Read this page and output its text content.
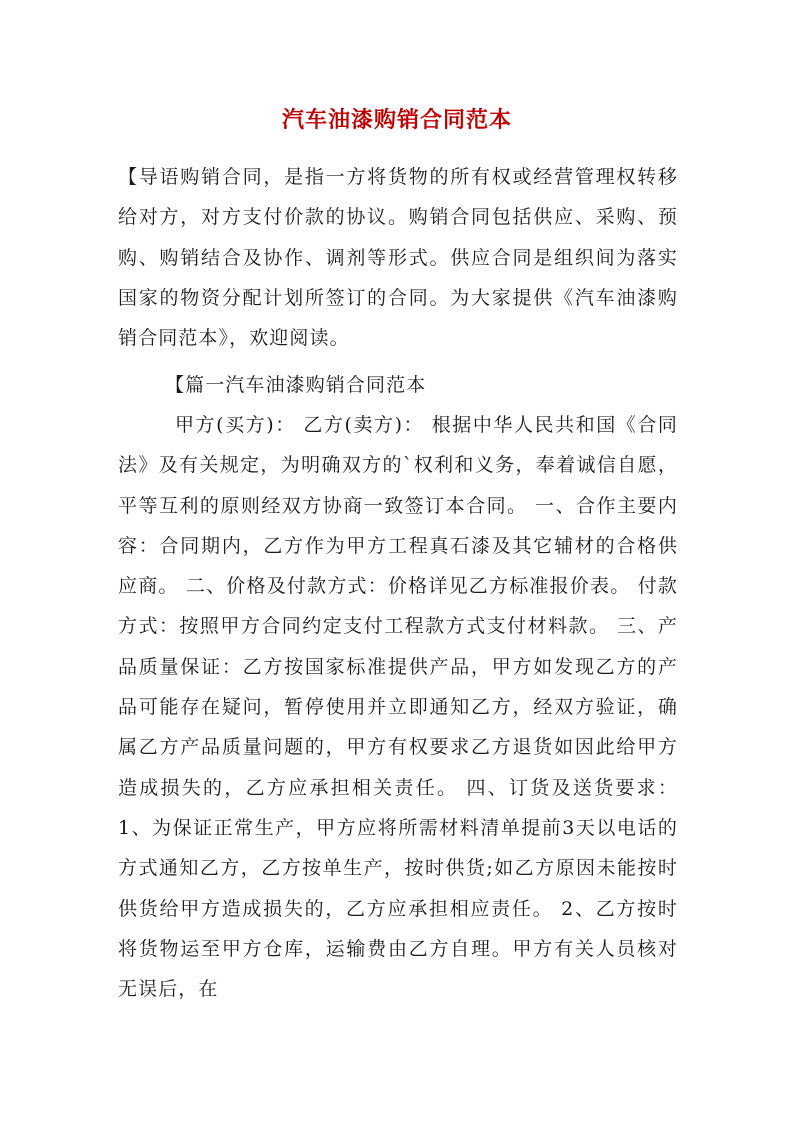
汽车油漆购销合同范本
【导语购销合同，是指一方将货物的所有权或经营管理权转移给对方，对方支付价款的协议。购销合同包括供应、采购、预购、购销结合及协作、调剂等形式。供应合同是组织间为落实国家的物资分配计划所签订的合同。为大家提供《汽车油漆购销合同范本》，欢迎阅读。
【篇一汽车油漆购销合同范本
甲方(买方)： 乙方(卖方)： 根据中华人民共和国《合同法》及有关规定，为明确双方的`权利和义务，奉着诚信自愿，平等互利的原则经双方协商一致签订本合同。 一、合作主要内容：合同期内，乙方作为甲方工程真石漆及其它辅材的合格供应商。 二、价格及付款方式：价格详见乙方标准报价表。 付款方式：按照甲方合同约定支付工程款方式支付材料款。 三、产品质量保证：乙方按国家标准提供产品，甲方如发现乙方的产品可能存在疑问，暂停使用并立即通知乙方，经双方验证，确属乙方产品质量问题的，甲方有权要求乙方退货如因此给甲方造成损失的，乙方应承担相关责任。 四、订货及送货要求： 1、为保证正常生产，甲方应将所需材料清单提前3天以电话的方式通知乙方，乙方按单生产，按时供货;如乙方原因未能按时供货给甲方造成损失的，乙方应承担相应责任。 2、乙方按时将货物运至甲方仓库，运输费由乙方自理。甲方有关人员核对无误后，在
